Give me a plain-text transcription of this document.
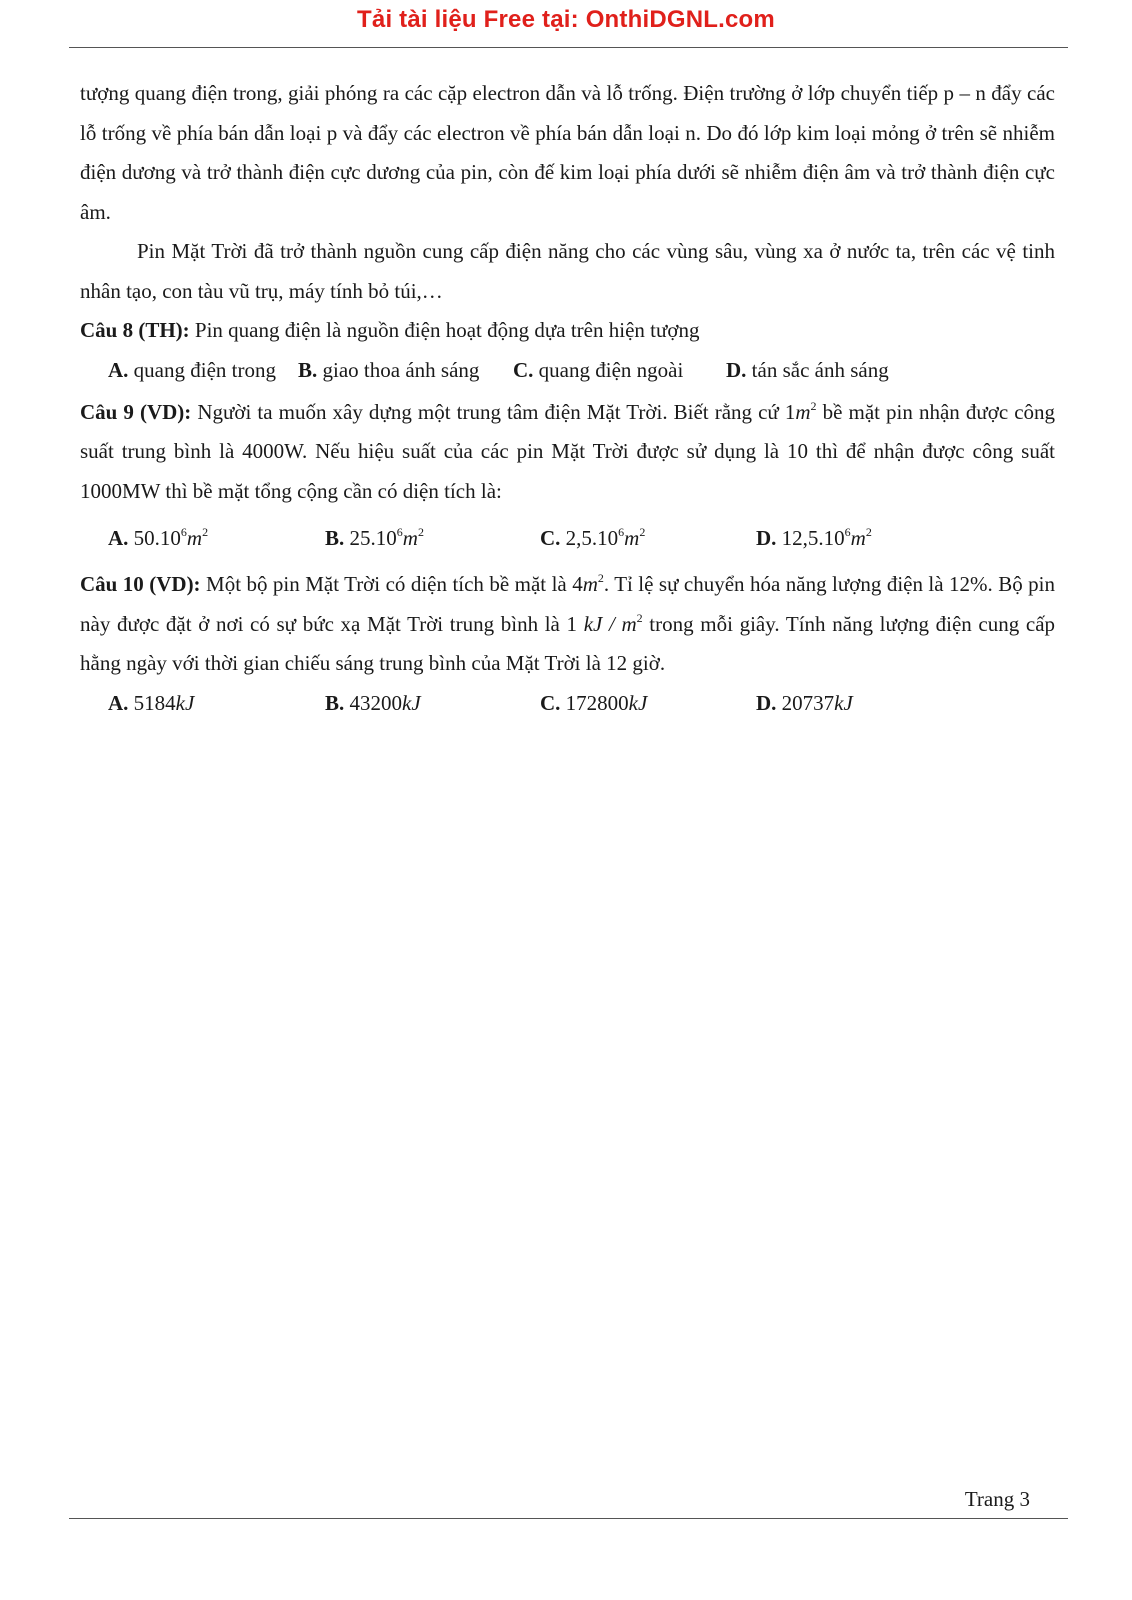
Tải tài liệu Free tại: OnthiDGNL.com

tượng quang điện trong, giải phóng ra các cặp electron dẫn và lỗ trống. Điện trường ở lớp chuyển tiếp p – n đẩy các lỗ trống về phía bán dẫn loại p và đẩy các electron về phía bán dẫn loại n. Do đó lớp kim loại mỏng ở trên sẽ nhiễm điện dương và trở thành điện cực dương của pin, còn đế kim loại phía dưới sẽ nhiễm điện âm và trở thành điện cực âm.

Pin Mặt Trời đã trở thành nguồn cung cấp điện năng cho các vùng sâu, vùng xa ở nước ta, trên các vệ tinh nhân tạo, con tàu vũ trụ, máy tính bỏ túi,…

Câu 8 (TH): Pin quang điện là nguồn điện hoạt động dựa trên hiện tượng

A. quang điện trong	B. giao thoa ánh sáng	C. quang điện ngoài	D. tán sắc ánh sáng

Câu 9 (VD): Người ta muốn xây dựng một trung tâm điện Mặt Trời. Biết rằng cứ $1m^2$ bề mặt pin nhận được công suất trung bình là 4000W. Nếu hiệu suất của các pin Mặt Trời được sử dụng là 10 thì để nhận được công suất 1000MW thì bề mặt tổng cộng cần có diện tích là:

A. $50.10^6m^2$	B. $25.10^6m^2$	C. $2,5.10^6m^2$	D. $12,5.10^6m^2$

Câu 10 (VD): Một bộ pin Mặt Trời có diện tích bề mặt là $4m^2$. Tỉ lệ sự chuyển hóa năng lượng điện là 12%. Bộ pin này được đặt ở nơi có sự bức xạ Mặt Trời trung bình là 1 kJ / $m^2$ trong mỗi giây. Tính năng lượng điện cung cấp hằng ngày với thời gian chiếu sáng trung bình của Mặt Trời là 12 giờ.

A. 5184kJ	B. 43200kJ	C. 172800kJ	D. 20737kJ
Trang 3
